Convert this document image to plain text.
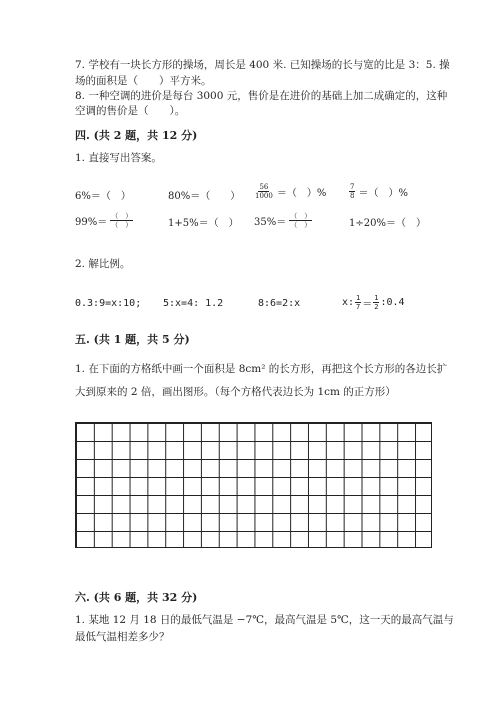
7. 学校有一块长方形的操场，周长是 400 米. 已知操场的长与宽的比是 3：5. 操
场的面积是（　　）平方米。
8. 一种空调的进价是每台 3000 元，售价是在进价的基础上加二成确定的，这种
空调的售价是（　　）。
四. (共 2 题，共 12 分)
1. 直接写出答案。
6%＝（　）	80%＝（　　） $\frac{56}{1000}$ ＝（　）%	$\frac{7}{8}$ ＝（　）%
$99\%= \frac{( )}{( )}$	1+5%＝（　） $35\%= \frac{( )}{( )}$	1÷20%＝（　）
2. 解比例。
0.3:9=x:10; 5:x=4: 1.2	8:6=2:x	x: $\frac{1}{7} = \frac{1}{2}$ :0.4
五. (共 1 题，共 5 分)
1. 在下面的方格纸中画一个面积是 8cm² 的长方形，再把这个长方形的各边长扩
大到原来的 2 倍，画出图形。（每个方格代表边长为 1cm 的正方形）
六. (共 6 题，共 32 分)
1. 某地 12 月 18 日的最低气温是 −7℃，最高气温是 5℃，这一天的最高气温与
最低气温相差多少？
